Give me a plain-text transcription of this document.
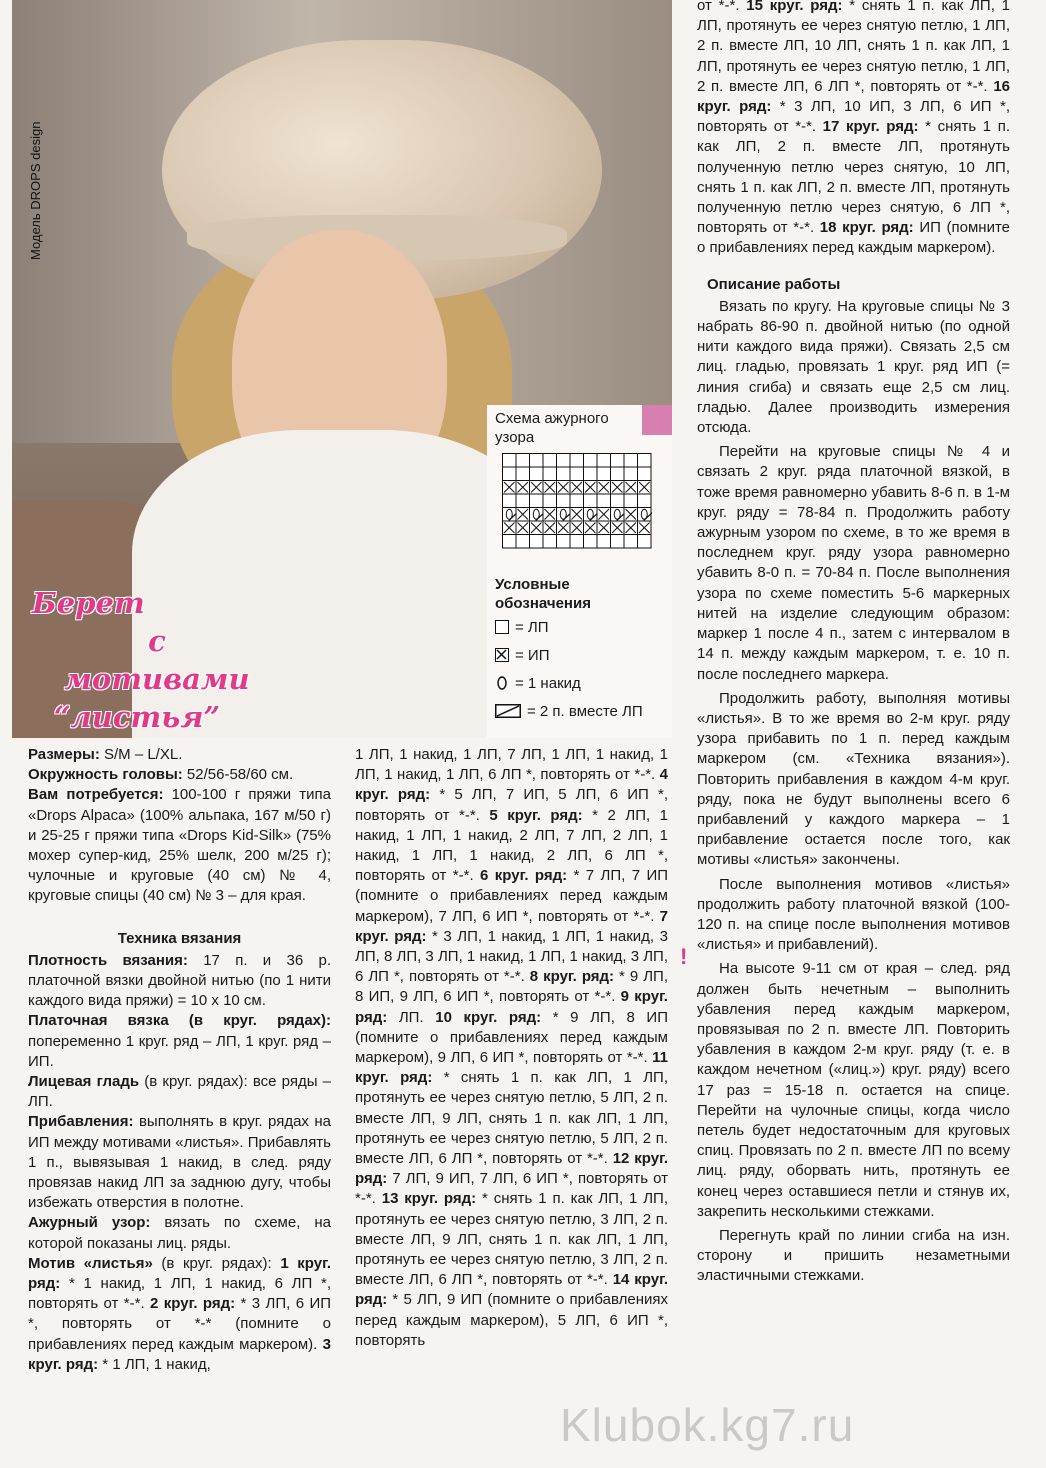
Модель DROPS design
Берет
с мотивами
“листья”
Схема ажурного узора
Условные обозначения
= ЛП
= ИП
= 1 накид
= 2 п. вместе ЛП

Размеры: S/M – L/XL.

Окружность головы: 52/56-58/60 см.

Вам потребуется: 100-100 г пряжи типа «Drops Alpaca» (100% альпака, 167 м/50 г) и 25-25 г пряжи типа «Drops Kid-Silk» (75% мохер супер-кид, 25% шелк, 200 м/25 г); чулочные и круговые (40 см) № 4, круговые спицы (40 см) № 3 – для края.

Техника вязания

Плотность вязания: 17 п. и 36 р. платочной вязки двойной нитью (по 1 нити каждого вида пряжи) = 10 х 10 см.

Платочная вязка (в круг. рядах): попеременно 1 круг. ряд – ЛП, 1 круг. ряд – ИП.

Лицевая гладь (в круг. рядах): все ряды – ЛП.

Прибавления: выполнять в круг. рядах на ИП между мотивами «листья». Прибавлять 1 п., вывязывая 1 накид, в след. ряду провязав накид ЛП за заднюю дугу, чтобы избежать отверстия в полотне.

Ажурный узор: вязать по схеме, на которой показаны лиц. ряды.

Мотив «листья» (в круг. рядах): 1 круг. ряд: * 1 накид, 1 ЛП, 1 накид, 6 ЛП *, повторять от *-*. 2 круг. ряд: * 3 ЛП, 6 ИП *, повторять от *-* (помните о прибавлениях перед каждым маркером). 3 круг. ряд: * 1 ЛП, 1 накид,

1 ЛП, 1 накид, 1 ЛП, 7 ЛП, 1 ЛП, 1 накид, 1 ЛП, 1 накид, 1 ЛП, 6 ЛП *, повторять от *-*. 4 круг. ряд: * 5 ЛП, 7 ИП, 5 ЛП, 6 ИП *, повторять от *-*. 5 круг. ряд: * 2 ЛП, 1 накид, 1 ЛП, 1 накид, 2 ЛП, 7 ЛП, 2 ЛП, 1 накид, 1 ЛП, 1 накид, 2 ЛП, 6 ЛП *, повторять от *-*. 6 круг. ряд: * 7 ЛП, 7 ИП (помните о прибавлениях перед каждым маркером), 7 ЛП, 6 ИП *, повторять от *-*. 7 круг. ряд: * 3 ЛП, 1 накид, 1 ЛП, 1 накид, 3 ЛП, 8 ЛП, 3 ЛП, 1 накид, 1 ЛП, 1 накид, 3 ЛП, 6 ЛП *, повторять от *-*. 8 круг. ряд: * 9 ЛП, 8 ИП, 9 ЛП, 6 ИП *, повторять от *-*. 9 круг. ряд: ЛП. 10 круг. ряд: * 9 ЛП, 8 ИП (помните о прибавлениях перед каждым маркером), 9 ЛП, 6 ИП *, повторять от *-*. 11 круг. ряд: * снять 1 п. как ЛП, 1 ЛП, протянуть ее через снятую петлю, 5 ЛП, 2 п. вместе ЛП, 9 ЛП, снять 1 п. как ЛП, 1 ЛП, протянуть ее через снятую петлю, 5 ЛП, 2 п. вместе ЛП, 6 ЛП *, повторять от *-*. 12 круг. ряд: 7 ЛП, 9 ИП, 7 ЛП, 6 ИП *, повторять от *-*. 13 круг. ряд: * снять 1 п. как ЛП, 1 ЛП, протянуть ее через снятую петлю, 3 ЛП, 2 п. вместе ЛП, 9 ЛП, снять 1 п. как ЛП, 1 ЛП, протянуть ее через снятую петлю, 3 ЛП, 2 п. вместе ЛП, 6 ЛП *, повторять от *-*. 14 круг. ряд: * 5 ЛП, 9 ИП (помните о прибавлениях перед каждым маркером), 5 ЛП, 6 ИП *, повторять

от *-*. 15 круг. ряд: * снять 1 п. как ЛП, 1 ЛП, протянуть ее через снятую петлю, 1 ЛП, 2 п. вместе ЛП, 10 ЛП, снять 1 п. как ЛП, 1 ЛП, протянуть ее через снятую петлю, 1 ЛП, 2 п. вместе ЛП, 6 ЛП *, повторять от *-*. 16 круг. ряд: * 3 ЛП, 10 ИП, 3 ЛП, 6 ИП *, повторять от *-*. 17 круг. ряд: * снять 1 п. как ЛП, 2 п. вместе ЛП, протянуть полученную петлю через снятую, 10 ЛП, снять 1 п. как ЛП, 2 п. вместе ЛП, протянуть полученную петлю через снятую, 6 ЛП *, повторять от *-*. 18 круг. ряд: ИП (помните о прибавлениях перед каждым маркером).

Описание работы

Вязать по кругу. На круговые спицы № 3 набрать 86-90 п. двойной нитью (по одной нити каждого вида пряжи). Связать 2,5 см лиц. гладью, провязать 1 круг. ряд ИП (= линия сгиба) и связать еще 2,5 см лиц. гладью. Далее производить измерения отсюда.

Перейти на круговые спицы № 4 и связать 2 круг. ряда платочной вязкой, в тоже время равномерно убавить 8-6 п. в 1-м круг. ряду = 78-84 п. Продолжить работу ажурным узором по схеме, в то же время в последнем круг. ряду узора равномерно убавить 8-0 п. = 70-84 п. После выполнения узора по схеме поместить 5-6 маркерных нитей на изделие следующим образом: маркер 1 после 4 п., затем с интервалом в 14 п. между каждым маркером, т. е. 10 п. после последнего маркера.

Продолжить работу, выполняя мотивы «листья». В то же время во 2-м круг. ряду узора прибавить по 1 п. перед каждым маркером (см. «Техника вязания»). Повторить прибавления в каждом 4-м круг. ряду, пока не будут выполнены всего 6 прибавлений у каждого маркера – 1 прибавление остается после того, как мотивы «листья» закончены.

После выполнения мотивов «листья» продолжить работу платочной вязкой (100-120 п. на спице после выполнения мотивов «листья» и прибавлений).

На высоте 9-11 см от края – след. ряд должен быть нечетным – выполнить убавления перед каждым маркером, провязывая по 2 п. вместе ЛП. Повторить убавления в каждом 2-м круг. ряду (т. е. в каждом нечетном («лиц.») круг. ряду) всего 17 раз = 15-18 п. остается на спице. Перейти на чулочные спицы, когда число петель будет недостаточным для круговых спиц. Провязать по 2 п. вместе ЛП по всему лиц. ряду, оборвать нить, протянуть ее конец через оставшиеся петли и стянув их, закрепить несколькими стежками.

Перегнуть край по линии сгиба на изн. сторону и пришить незаметными эластичными стежками.

!
Klubok.kg7.ru
